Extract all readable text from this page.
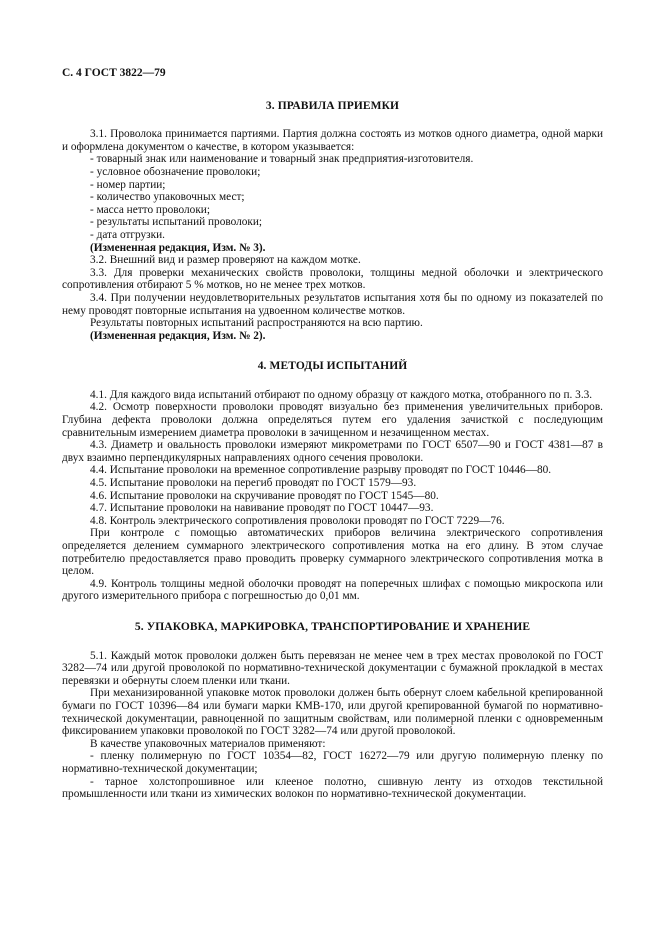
С. 4 ГОСТ 3822—79
3. ПРАВИЛА ПРИЕМКИ

3.1. Проволока принимается партиями. Партия должна состоять из мотков одного диаметра, одной марки и оформлена документом о качестве, в котором указывается:

- товарный знак или наименование и товарный знак предприятия-изготовителя.

- условное обозначение проволоки;

- номер партии;

- количество упаковочных мест;

- масса нетто проволоки;

- результаты испытаний проволоки;

- дата отгрузки.

(Измененная редакция, Изм. № 3).

3.2. Внешний вид и размер проверяют на каждом мотке.

3.3. Для проверки механических свойств проволоки, толщины медной оболочки и электрического сопротивления отбирают 5 % мотков, но не менее трех мотков.

3.4. При получении неудовлетворительных результатов испытания хотя бы по одному из показателей по нему проводят повторные испытания на удвоенном количестве мотков.

Результаты повторных испытаний распространяются на всю партию.

(Измененная редакция, Изм. № 2).

4. МЕТОДЫ ИСПЫТАНИЙ

4.1. Для каждого вида испытаний отбирают по одному образцу от каждого мотка, отобранного по п. 3.3.

4.2. Осмотр поверхности проволоки проводят визуально без применения увеличительных приборов. Глубина дефекта проволоки должна определяться путем его удаления зачисткой с последующим сравнительным измерением диаметра проволоки в зачищенном и незачищенном местах.

4.3. Диаметр и овальность проволоки измеряют микрометрами по ГОСТ 6507—90 и ГОСТ 4381—87 в двух взаимно перпендикулярных направлениях одного сечения проволоки.

4.4. Испытание проволоки на временное сопротивление разрыву проводят по ГОСТ 10446—80.

4.5. Испытание проволоки на перегиб проводят по ГОСТ 1579—93.

4.6. Испытание проволоки на скручивание проводят по ГОСТ 1545—80.

4.7. Испытание проволоки на навивание проводят по ГОСТ 10447—93.

4.8. Контроль электрического сопротивления проволоки проводят по ГОСТ 7229—76.

При контроле с помощью автоматических приборов величина электрического сопротивления определяется делением суммарного электрического сопротивления мотка на его длину. В этом случае потребителю предоставляется право проводить проверку суммарного электрического сопротивления мотка в целом.

4.9. Контроль толщины медной оболочки проводят на поперечных шлифах с помощью микроскопа или другого измерительного прибора с погрешностью до 0,01 мм.

5. УПАКОВКА, МАРКИРОВКА, ТРАНСПОРТИРОВАНИЕ И ХРАНЕНИЕ

5.1. Каждый моток проволоки должен быть перевязан не менее чем в трех местах проволокой по ГОСТ 3282—74 или другой проволокой по нормативно-технической документации с бумажной прокладкой в местах перевязки и обернуты слоем пленки или ткани.

При механизированной упаковке моток проволоки должен быть обернут слоем кабельной крепированной бумаги по ГОСТ 10396—84 или бумаги марки КМВ-170, или другой крепированной бумагой по нормативно-технической документации, равноценной по защитным свойствам, или полимерной пленки с одновременным фиксированием упаковки проволокой по ГОСТ 3282—74 или другой проволокой.

В качестве упаковочных материалов применяют:

- пленку полимерную по ГОСТ 10354—82, ГОСТ 16272—79 или другую полимерную пленку по нормативно-технической документации;

- тарное холстопрошивное или клееное полотно, сшивную ленту из отходов текстильной промышленности или ткани из химических волокон по нормативно-технической документации.
